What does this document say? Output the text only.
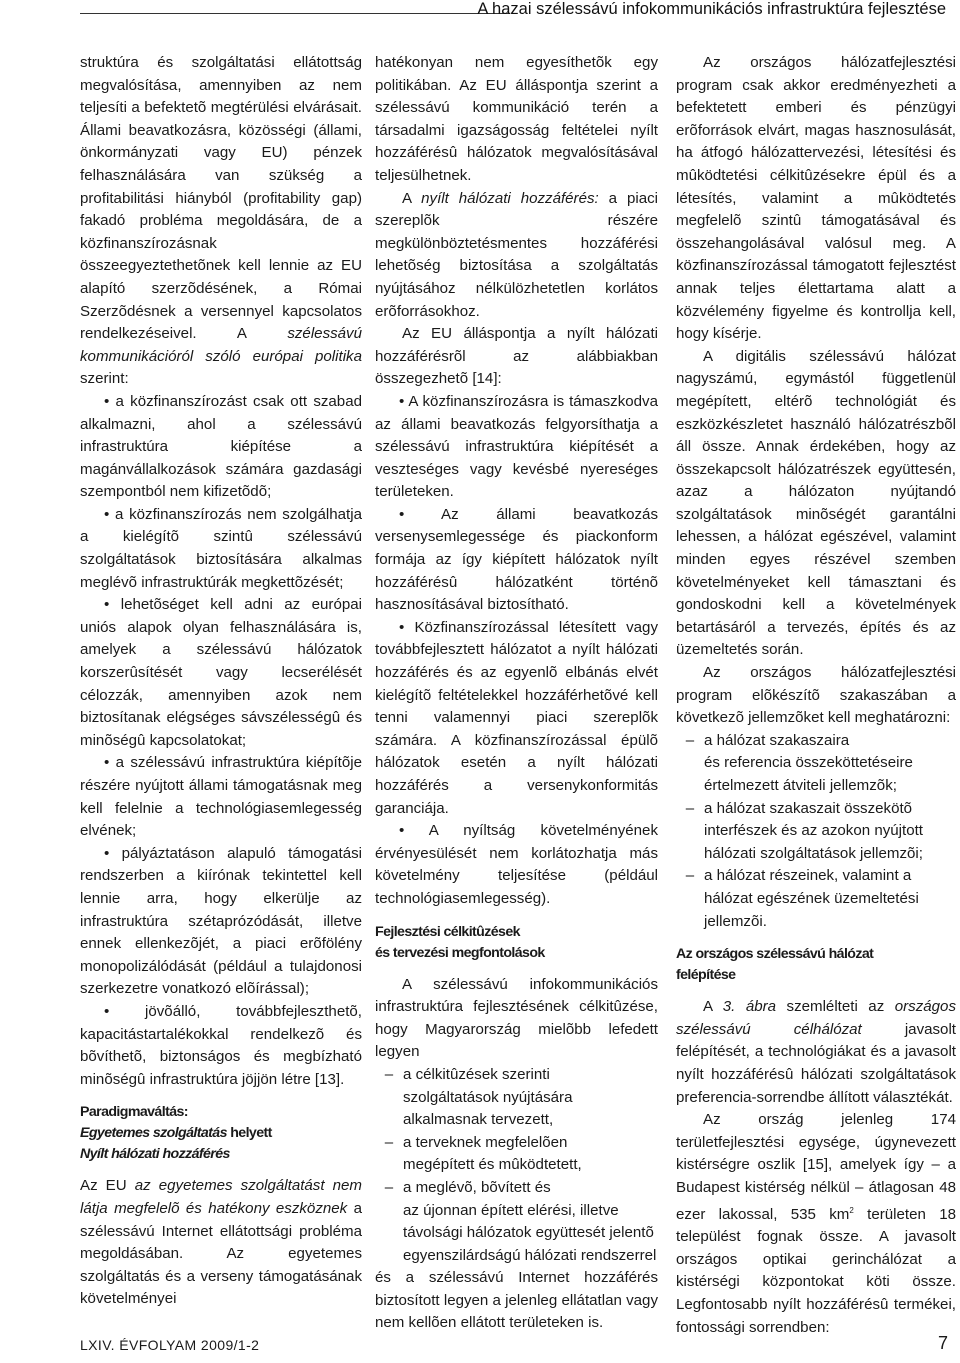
A hazai szélessávú infokommunikációs infrastruktúra fejlesztése

struktúra és szolgáltatási ellátottság megvalósítása, amennyiben az nem teljesíti a befektetõ megtérülési elvárásait. Állami beavatkozásra, közösségi (állami, önkormányzati vagy EU) pénzek felhasználására van szükség a profitabilitási hiányból (profitability gap) fakadó probléma megoldására, de a közfinanszírozásnak összeegyeztethetõnek kell lennie az EU alapító szerzõdésének, a Római Szerzõdésnek a versennyel kapcsolatos rendelkezéseivel. A szélessávú kommunikációról szóló európai politika szerint:

• a közfinanszírozást csak ott szabad alkalmazni, ahol a szélessávú infrastruktúra kiépítése a magánvállalkozások számára gazdasági szempontból nem kifizetõdõ;

• a közfinanszírozás nem szolgálhatja a kielégítõ szintû szélessávú szolgáltatások biztosítására alkalmas meglévõ infrastruktúrák megkettõzését;

• lehetõséget kell adni az európai uniós alapok olyan felhasználására is, amelyek a szélessávú hálózatok korszerûsítését vagy lecserélését célozzák, amennyiben azok nem biztosítanak elégséges sávszélességû és minõségû kapcsolatokat;

• a szélessávú infrastruktúra kiépítõje részére nyújtott állami támogatásnak meg kell felelnie a technológiasemlegesség elvének;

• pályáztatáson alapuló támogatási rendszerben a kiírónak tekintettel kell lennie arra, hogy elkerülje az infrastruktúra szétaprózódását, illetve ennek ellenkezõjét, a piaci erõfölény monopolizálódását (például a tulajdonosi szerkezetre vonatkozó elõírással);

• jövõálló, továbbfejleszthetõ, kapacitástartalékokkal rendelkezõ és bõvíthetõ, biztonságos és megbízható minõségû infrastruktúra jöjjön létre [13].

Paradigmaváltás:
Egyetemes szolgáltatás helyett
Nyílt hálózati hozzáférés

Az EU az egyetemes szolgáltatást nem látja megfelelõ és hatékony eszköznek a szélessávú Internet ellátottsági probléma megoldásában. Az egyetemes szolgáltatás és a verseny támogatásának követelményei

hatékonyan nem egyesíthetõk egy politikában. Az EU álláspontja szerint a szélessávú kommunikáció terén a társadalmi igazságosság feltételei nyílt hozzáférésû hálózatok megvalósításával teljesülhetnek.

A nyílt hálózati hozzáférés: a piaci szereplõk részére megkülönböztetésmentes hozzáférési lehetõség biztosítása a szolgáltatás nyújtásához nélkülözhetetlen korlátos erõforrásokhoz.

Az EU álláspontja a nyílt hálózati hozzáférésrõl az alábbiakban összegezhetõ [14]:

• A közfinanszírozásra is támaszkodva az állami beavatkozás felgyorsíthatja a szélessávú infrastruktúra kiépítését a veszteséges vagy kevésbé nyereséges területeken.

• Az állami beavatkozás versenysemlegessége és piackonform formája az így kiépített hálózatok nyílt hozzáférésû hálózatként történõ hasznosításával biztosítható.

• Közfinanszírozással létesített vagy továbbfejlesztett hálózatot a nyílt hálózati hozzáférés és az egyenlõ elbánás elvét kielégítõ feltételekkel hozzáférhetõvé kell tenni valamennyi piaci szereplõk számára. A közfinanszírozással épülõ hálózatok esetén a nyílt hálózati hozzáférés a versenykonformitás garanciája.

• A nyíltság követelményének érvényesülését nem korlátozhatja más követelmény teljesítése (például technológiasemlegesség).

Fejlesztési célkitûzések
és tervezési megfontolások

A szélessávú infokommunikációs infrastruktúra fejlesztésének célkitûzése, hogy Magyarország mielõbb lefedett legyen

– a célkitûzések szerinti
szolgáltatások nyújtására alkalmasnak tervezett,
– a terveknek megfelelõen
megépített és mûködtetett,
– a meglévõ, bõvített és
az újonnan épített elérési, illetve távolsági hálózatok együttesét jelentõ egyenszilárdságú hálózati rendszerrel

és a szélessávú Internet hozzáférés biztosított legyen a jelenleg ellátatlan vagy nem kellõen ellátott területeken is.

Az országos hálózatfejlesztési program csak akkor eredményezheti a befektetett emberi és pénzügyi erõforrások elvárt, magas hasznosulását, ha átfogó hálózattervezési, létesítési és mûködtetési célkitûzésekre épül és a létesítés, valamint a mûködtetés megfelelõ szintû támogatásával és összehangolásával valósul meg. A közfinanszírozással támogatott fejlesztést annak teljes élettartama alatt a közvélemény figyelme és kontrollja kell, hogy kísérje.

A digitális szélessávú hálózat nagyszámú, egymástól függetlenül megépített, eltérõ technológiát és eszközkészletet használó hálózatrészbõl áll össze. Annak érdekében, hogy az összekapcsolt hálózatrészek együttesén, azaz a hálózaton nyújtandó szolgáltatások minõségét garantálni lehessen, a hálózat egészével, valamint minden egyes részével szemben követelményeket kell támasztani és gondoskodni kell a követelmények betartásáról a tervezés, építés és az üzemeltetés során.

Az országos hálózatfejlesztési program elõkészítõ szakaszában a következõ jellemzõket kell meghatározni:

– a hálózat szakaszaira
és referencia összeköttetéseire értelmezett átviteli jellemzõk;
– a hálózat szakaszait összekötõ
interfészek és az azokon nyújtott hálózati szolgáltatások jellemzõi;
– a hálózat részeinek, valamint a
hálózat egészének üzemeltetési jellemzõi.
Az országos szélessávú hálózat
felépítése

A 3. ábra szemlélteti az országos szélessávú célhálózat javasolt felépítését, a technológiákat és a javasolt nyílt hozzáférésû hálózati szolgáltatások preferencia-sorrendbe állított választékát.

Az ország jelenleg 174 területfejlesztési egysége, úgynevezett kistérségre oszlik [15], amelyek így – a Budapest kistérség nélkül – átlagosan 48 ezer lakossal, 535 $km^2$ területen 18 települést fognak össze. A javasolt országos optikai gerinchálózat a kistérségi központokat köti össze. Legfontosabb nyílt hozzáférésû termékei, fontossági sorrendben:

LXIV. ÉVFOLYAM 2009/1-2	7
